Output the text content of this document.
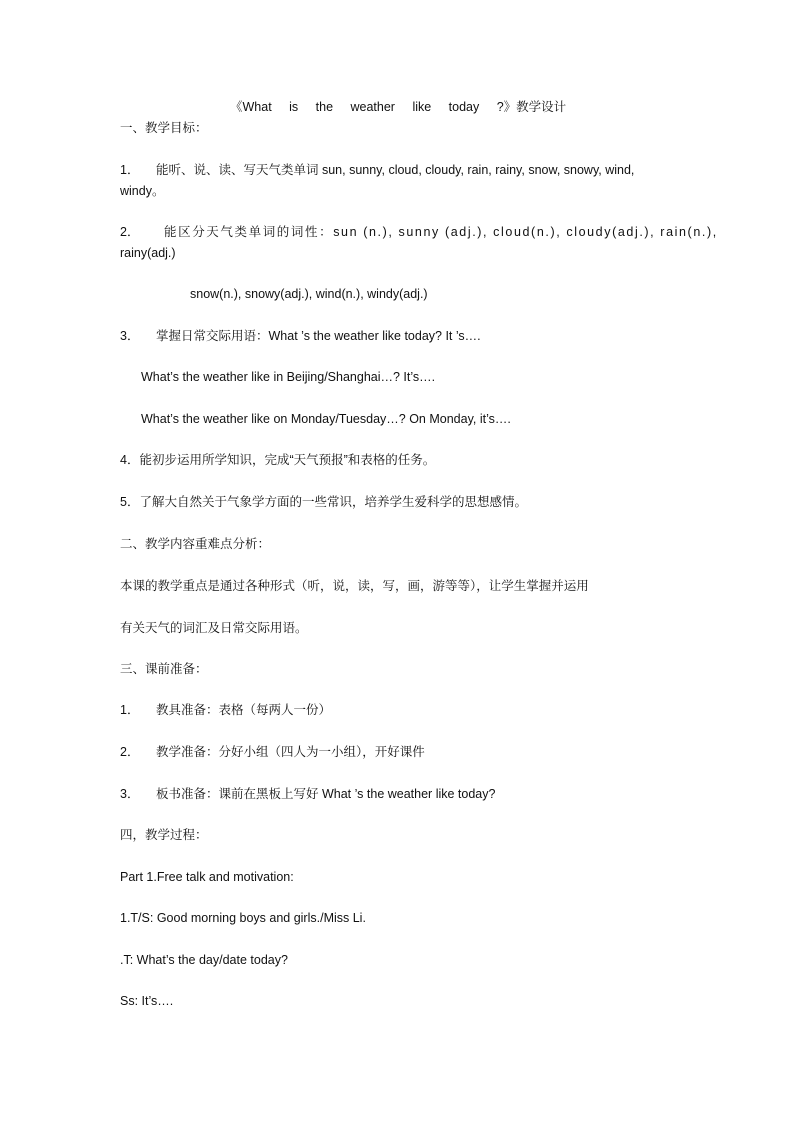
《What is the weather like today ?》教学设计
一、教学目标：
1． 能听、说、读、写天气类单词 sun, sunny, cloud, cloudy, rain, rainy, snow, snowy, wind,
windy。
2． 能区分天气类单词的词性：sun (n.), sunny (adj.), cloud(n.), cloudy(adj.), rain(n.),
rainy(adj.)
snow(n.), snowy(adj.), wind(n.), windy(adj.)
3． 掌握日常交际用语：What ’s the weather like today? It ’s….
What’s the weather like in Beijing/Shanghai…? It’s….
What’s the weather like on Monday/Tuesday…? On Monday, it’s….
4．能初步运用所学知识，完成“天气预报”和表格的任务。
5．了解大自然关于气象学方面的一些常识，培养学生爱科学的思想感情。
二、教学内容重难点分析：
本课的教学重点是通过各种形式（听，说，读，写，画，游等等），让学生掌握并运用
有关天气的词汇及日常交际用语。
三、课前准备：
1． 教具准备：表格（每两人一份）
2． 教学准备：分好小组（四人为一小组），开好课件
3． 板书准备：课前在黑板上写好 What ’s the weather like today?
四，教学过程：
Part 1.Free talk and motivation:
1.T/S: Good morning boys and girls./Miss Li.
.T: What’s the day/date today?
Ss: It’s….
